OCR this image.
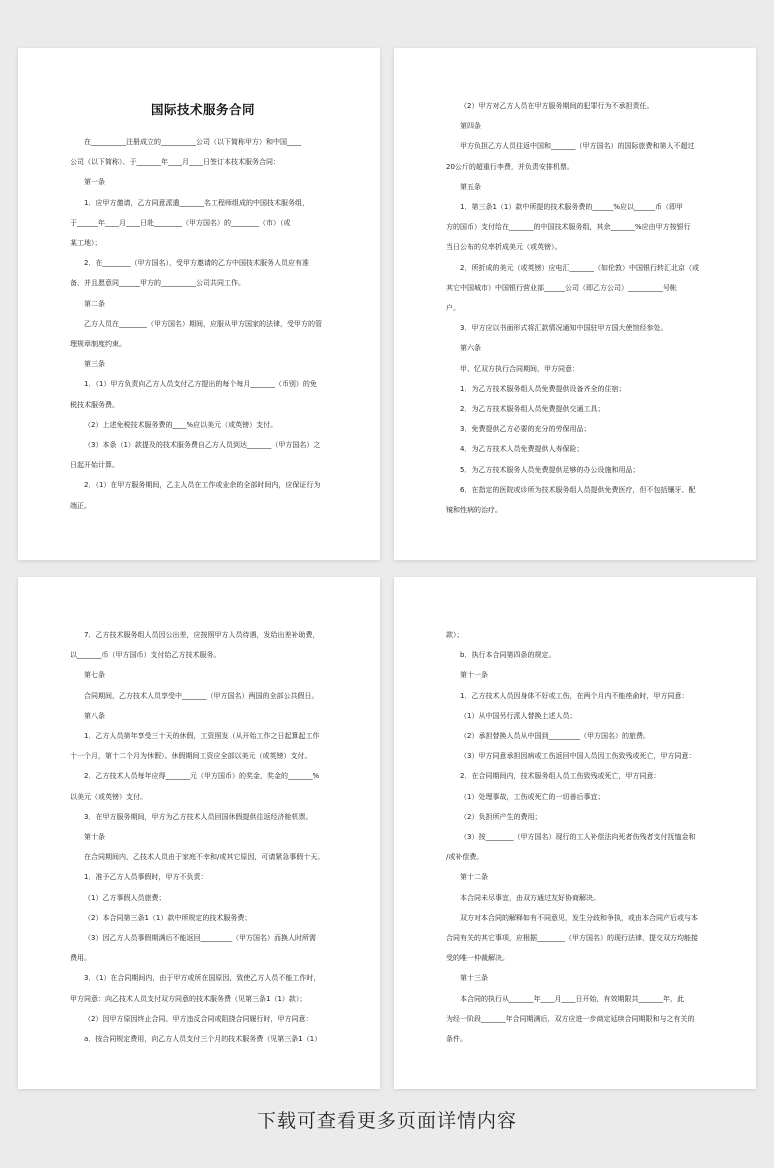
国际技术服务合同
在__________注册成立的__________公司（以下简称甲方）和中国____
公司（以下简称）、于_______年____月____日签订本技术服务合同：
第一条
1．应甲方邀请，乙方同意派遣_______名工程师组成的中国技术服务组，
于______年____月____日赴________（甲方国名）的________（市）（或
某工地）；
2．在________（甲方国名），受甲方邀请的乙方中国技术服务人员应有准
备，并且愿意同______甲方的__________公司共同工作。
第二条
乙方人员在________（甲方国名）期间，应服从甲方国家的法律，受甲方的管
理规章制度约束。
第三条
1．（1）甲方负责向乙方人员支付乙方提出的每个每月_______（币别）的免
税技术服务费。
（2）上述免税技术服务费的____%应以美元（或英镑）支付。
（3）本条（1）款提及的技术服务费自乙方人员到达_______（甲方国名）之
日起开始计算。
2．（1）在甲方服务期间，乙主人员在工作或业余的全部时间内，应保证行为
端正。
（2）甲方对乙方人员在甲方服务期间的犯罪行为不承担责任。
第四条
甲方负担乙方人员往返中国和_______（甲方国名）的国际旅费和第人不超过
20公斤的超重行李费，并负责安排机票。
第五条
1．第三条1（1）款中所提的技术服务费的______%应以______币（即甲
方的国币）支付给在_______的中国技术服务组，其余_______%应由甲方按银行
当日公布的兑率折成美元（或英镑）。
2．所折成的美元（或英镑）应电汇_______（如伦敦）中国银行转汇北京（或
其它中国城市）中国银行营业部______公司（即乙方公司）__________号帐
户。
3．甲方应以书面形式将汇款情况通知中国驻甲方国大使馆经参处。
第六条
甲、忆双方执行合同期间，甲方同意：
1．为乙方技术服务组人员免费提供设备齐全的住宿；
2．为乙方技术服务组人员免费提供交通工具；
3．免费提供乙方必要的充分的劳保用品；
4．为乙方技术人员免费提供人寿保险；
5．为乙方技术服务人员免费提供足够的办公设施和用品；
6．在指定的医院或诊所为技术服务组人员提供免费医疗，但不包括镶牙、配
镜和性病的治疗。
7．乙方技术服务组人员因公出差，应按照甲方人员待遇，发给出差补助费，
以_______币（甲方国币）支付给乙方技术服务。
第七条
合同期间，乙方技术人员享受中_______（甲方国名）两国的全部公共假日。
第八条
1．乙方人员第年享受三十天的休假，工资照发（从开始工作之日起算起工作
十一个月，第十二个月为休假）。休假期间工资应全部以美元（或英镑）支付。
2．乙方技术人员每年应得_______元（甲方国币）的奖金，奖金的_______%
以美元（或英镑）支付。
3．在甲方服务期间，甲方为乙方技术人员回国休假提供往返经济舱机票。
第十条
在合同期间内，乙技术人员由于家庭不幸和/或其它原因，可请紧急事假十天。
1．准予乙方人员事假时，甲方不负责：
（1）乙方事假人员旅费；
（2）本合同第三条1（1）款中所规定的技术服务费；
（3）因乙方人员事假期满后不能返回_________（甲方国名）而换人时所需
费用。
3．（1）在合同期间内，由于甲方或所在国原因，致使乙方人员不能工作时，
甲方同意：向乙技术人员支付双方同意的技术服务费（见第三条1（1）款）；
（2）因甲方原因终止合同、甲方违反合同或阻挠合同履行时，甲方同意：
a．按合同规定费用，向乙方人员支付三个月的技术服务费（见第三条1（1）
款）；
b．执行本合同第四条的规定。
第十一条
1．乙方技术人员因身体不好或工伤，在两个月内不能痊俞时，甲方同意：
（1）从中国另行派人替换上述人员；
（2）承担替换人员从中国到_________（甲方国名）的旅费。
（3）甲方同意承担因病或工伤返回中国人员因工伤致残或死亡，甲方同意：
2．在合同期间内，技术服务组人员工伤致残或死亡，甲方同意：
（1）处理事故，工伤或死亡的一切善后事宜；
（2）负担所产生的费用；
（3）按________（甲方国名）现行的工人补偿法向死者伤残者支付抚恤金和
/或补偿费。
第十二条
本合同未尽事宜，由双方通过友好协商解决。
双方对本合同的解释如有不同意见，发生分歧和争执，或由本合同产后或与本
合同有关的其它事项，应根据________（甲方国名）的现行法律，提交双方均能接
受的唯一仲裁解决。
第十三条
本合同的执行从_______年____月____日开始，有效期限共_______年，此
为经一阶段_______年合同期满后，双方应进一步商定延续合同期限和与之有关的
条件。
下载可查看更多页面详情内容
